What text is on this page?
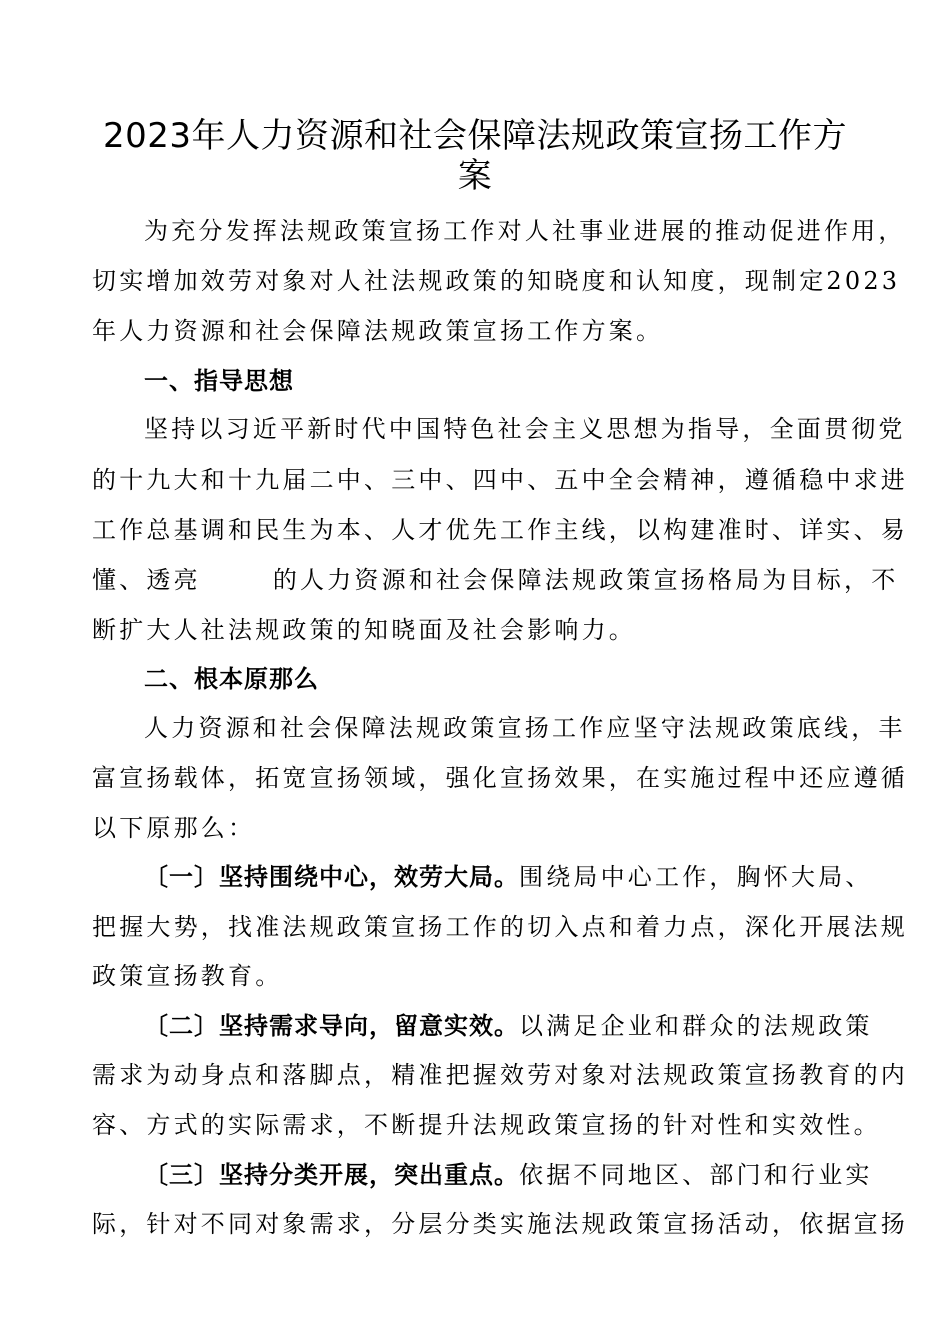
2023年人力资源和社会保障法规政策宣扬工作方
案
为充分发挥法规政策宣扬工作对人社事业进展的推动促进作用，
切实增加效劳对象对人社法规政策的知晓度和认知度，现制定2023
年人力资源和社会保障法规政策宣扬工作方案。
一、指导思想
坚持以习近平新时代中国特色社会主义思想为指导，全面贯彻党
的十九大和十九届二中、三中、四中、五中全会精神，遵循稳中求进
工作总基调和民生为本、人才优先工作主线，以构建准时、详实、易
懂、透亮	的人力资源和社会保障法规政策宣扬格局为目标，不
断扩大人社法规政策的知晓面及社会影响力。
二、根本原那么
人力资源和社会保障法规政策宣扬工作应坚守法规政策底线，丰
富宣扬载体，拓宽宣扬领域，强化宣扬效果，在实施过程中还应遵循
以下原那么：
〔一〕坚持围绕中心，效劳大局。围绕局中心工作，胸怀大局、
把握大势，找准法规政策宣扬工作的切入点和着力点，深化开展法规
政策宣扬教育。
〔二〕坚持需求导向，留意实效。以满足企业和群众的法规政策
需求为动身点和落脚点，精准把握效劳对象对法规政策宣扬教育的内
容、方式的实际需求，不断提升法规政策宣扬的针对性和实效性。
〔三〕坚持分类开展，突出重点。依据不同地区、部门和行业实
际，针对不同对象需求，分层分类实施法规政策宣扬活动，依据宣扬
